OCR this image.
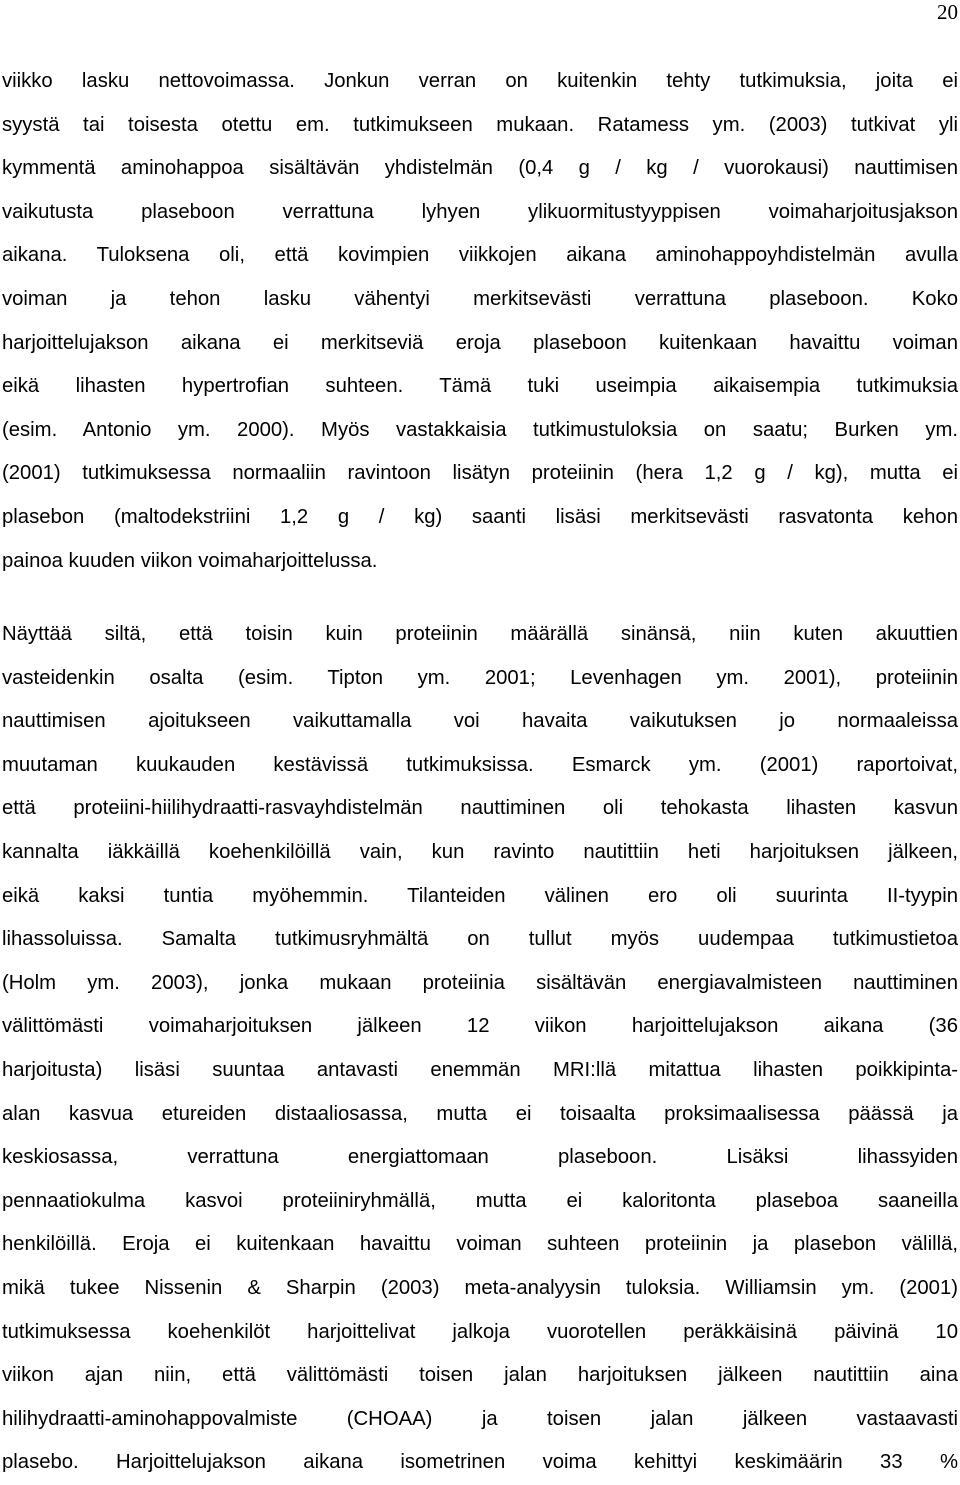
20
viikko lasku nettovoimassa. Jonkun verran on kuitenkin tehty tutkimuksia, joita ei
syystä tai toisesta otettu em. tutkimukseen mukaan. Ratamess ym. (2003) tutkivat yli
kymmentä aminohappoa sisältävän yhdistelmän (0,4 g / kg / vuorokausi) nauttimisen
vaikutusta plaseboon verrattuna lyhyen ylikuormitustyyppisen voimaharjoitusjakson
aikana. Tuloksena oli, että kovimpien viikkojen aikana aminohappoyhdistelmän avulla
voiman ja tehon lasku vähentyi merkitsevästi verrattuna plaseboon. Koko
harjoittelujakson aikana ei merkitseviä eroja plaseboon kuitenkaan havaittu voiman
eikä lihasten hypertrofian suhteen. Tämä tuki useimpia aikaisempia tutkimuksia
(esim. Antonio ym. 2000). Myös vastakkaisia tutkimustuloksia on saatu; Burken ym.
(2001) tutkimuksessa normaaliin ravintoon lisätyn proteiinin (hera 1,2 g / kg), mutta ei
plasebon (maltodekstriini 1,2 g / kg) saanti lisäsi merkitsevästi rasvatonta kehon
painoa kuuden viikon voimaharjoittelussa.
Näyttää siltä, että toisin kuin proteiinin määrällä sinänsä, niin kuten akuuttien
vasteidenkin osalta (esim. Tipton ym. 2001; Levenhagen ym. 2001), proteiinin
nauttimisen ajoitukseen vaikuttamalla voi havaita vaikutuksen jo normaaleissa
muutaman kuukauden kestävissä tutkimuksissa. Esmarck ym. (2001) raportoivat,
että proteiini-hiilihydraatti-rasvayhdistelmän nauttiminen oli tehokasta lihasten kasvun
kannalta iäkkäillä koehenkilöillä vain, kun ravinto nautittiin heti harjoituksen jälkeen,
eikä kaksi tuntia myöhemmin. Tilanteiden välinen ero oli suurinta II-tyypin
lihassoluissa. Samalta tutkimusryhmältä on tullut myös uudempaa tutkimustietoa
(Holm ym. 2003), jonka mukaan proteiinia sisältävän energiavalmisteen nauttiminen
välittömästi voimaharjoituksen jälkeen 12 viikon harjoittelujakson aikana (36
harjoitusta) lisäsi suuntaa antavasti enemmän MRI:llä mitattua lihasten poikkipinta-
alan kasvua etureiden distaaliosassa, mutta ei toisaalta proksimaalisessa päässä ja
keskiosassa, verrattuna energiattomaan plaseboon. Lisäksi lihassyiden
pennaatiokulma kasvoi proteiiniryhmällä, mutta ei kaloritonta plaseboa saaneilla
henkilöillä. Eroja ei kuitenkaan havaittu voiman suhteen proteiinin ja plasebon välillä,
mikä tukee Nissenin & Sharpin (2003) meta-analyysin tuloksia. Williamsin ym. (2001)
tutkimuksessa koehenkilöt harjoittelivat jalkoja vuorotellen peräkkäisinä päivinä 10
viikon ajan niin, että välittömästi toisen jalan harjoituksen jälkeen nautittiin aina
hilihydraatti-aminohappovalmiste (CHOAA) ja toisen jalan jälkeen vastaavasti
plasebo. Harjoittelujakson aikana isometrinen voima kehittyi keskimäärin 33 %
